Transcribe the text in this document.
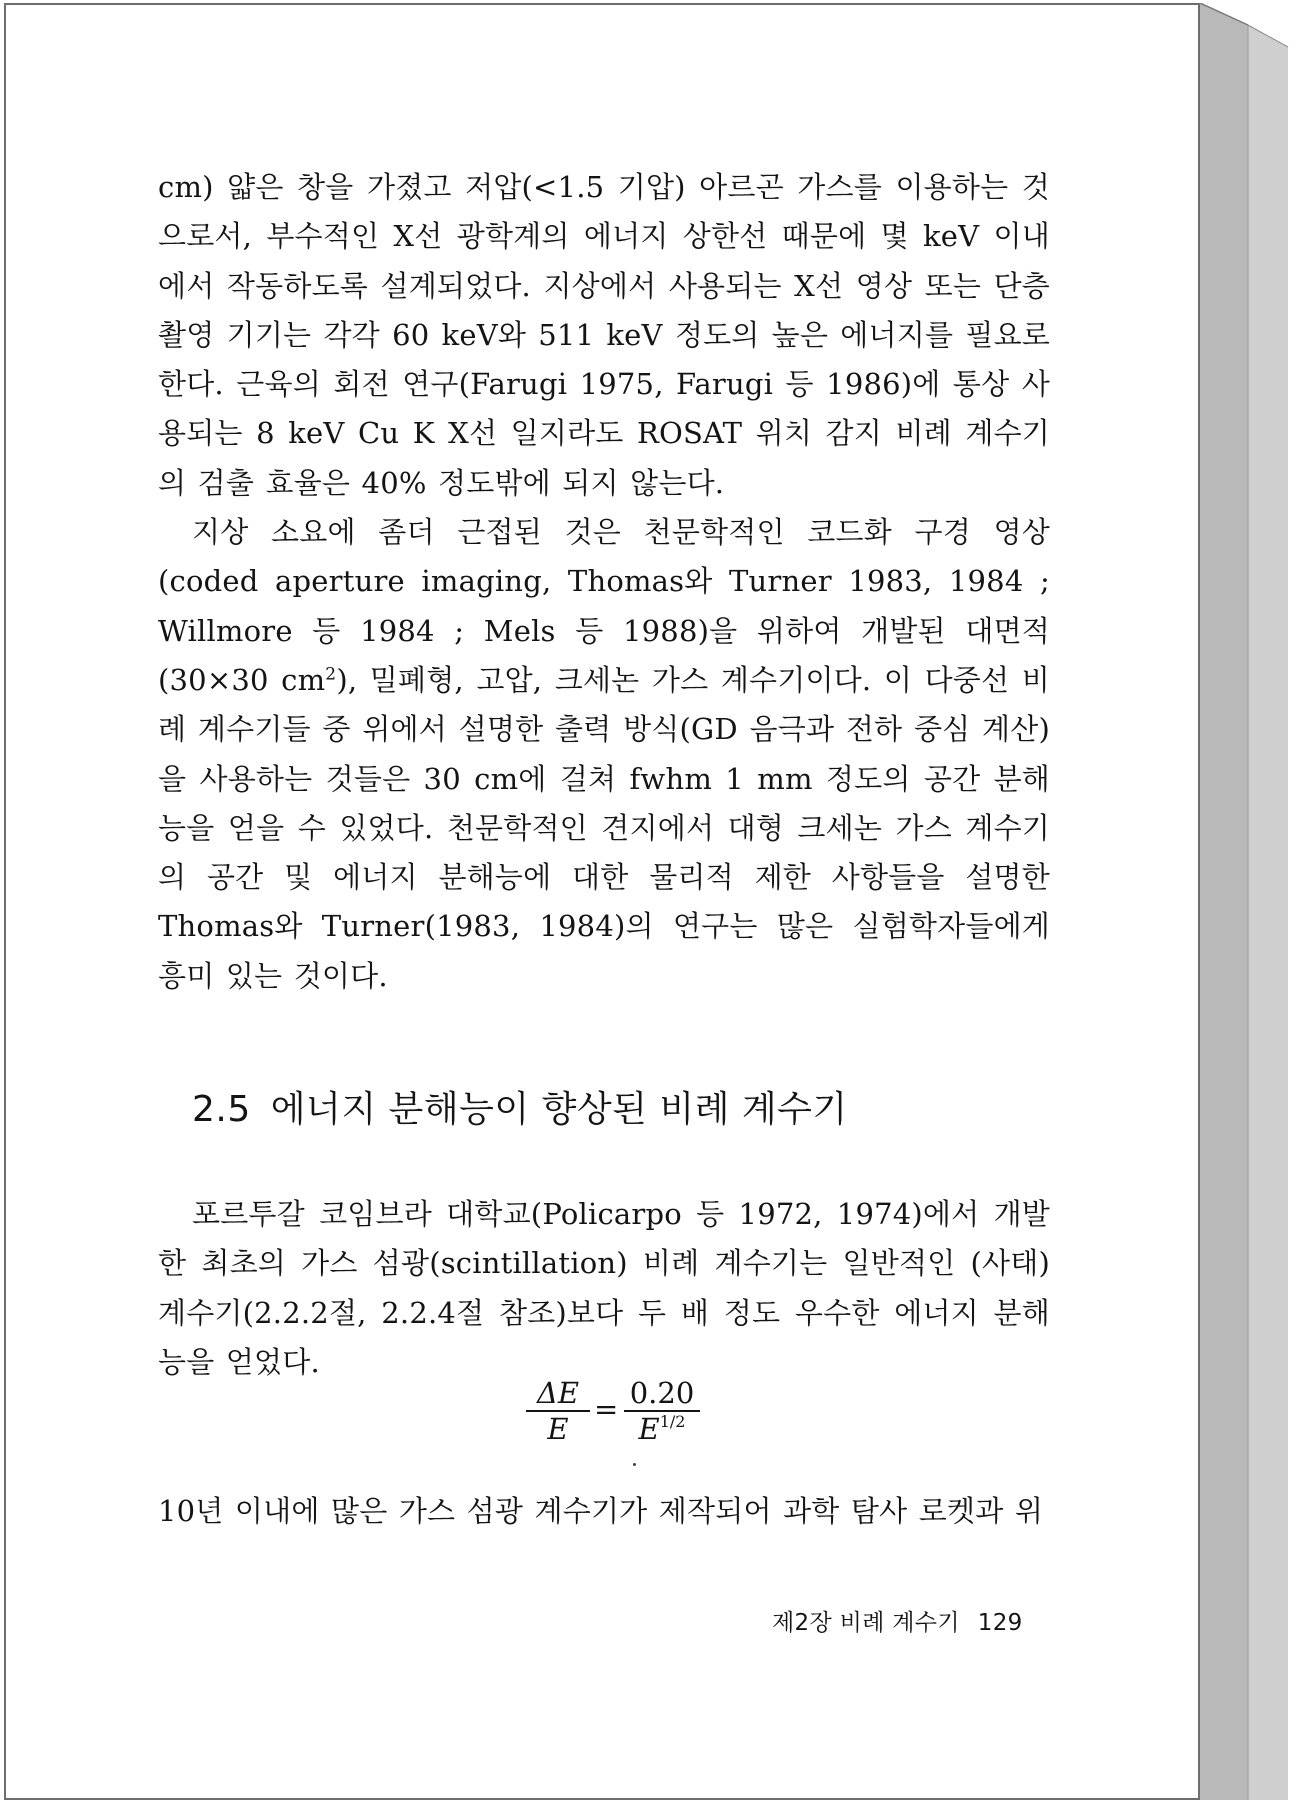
cm) 얇은 창을 가졌고 저압(<1.5 기압) 아르곤 가스를 이용하는 것으로서, 부수적인 X선 광학계의 에너지 상한선 때문에 몇 keV 이내에서 작동하도록 설계되었다. 지상에서 사용되는 X선 영상 또는 단층촬영 기기는 각각 60 keV와 511 keV 정도의 높은 에너지를 필요로 한다. 근육의 회전 연구(Farugi 1975, Farugi 등 1986)에 통상 사용되는 8 keV Cu K X선 일지라도 ROSAT 위치 감지 비례 계수기의 검출 효율은 40% 정도밖에 되지 않는다.

지상 소요에 좀더 근접된 것은 천문학적인 코드화 구경 영상(coded aperture imaging, Thomas와 Turner 1983, 1984 ; Willmore 등 1984 ; Mels 등 1988)을 위하여 개발된 대면적(30×30 $cm^2$), 밀폐형, 고압, 크세논 가스 계수기이다. 이 다중선 비례 계수기들 중 위에서 설명한 출력 방식(GD 음극과 전하 중심 계산)을 사용하는 것들은 30 cm에 걸쳐 fwhm 1 mm 정도의 공간 분해능을 얻을 수 있었다. 천문학적인 견지에서 대형 크세논 가스 계수기의 공간 및 에너지 분해능에 대한 물리적 제한 사항들을 설명한 Thomas와 Turner(1983, 1984)의 연구는 많은 실험학자들에게 흥미 있는 것이다.

2.5 에너지 분해능이 향상된 비례 계수기

포르투갈 코임브라 대학교(Policarpo 등 1972, 1974)에서 개발한 최초의 가스 섬광(scintillation) 비례 계수기는 일반적인 (사태) 계수기(2.2.2절, 2.2.4절 참조)보다 두 배 정도 우수한 에너지 분해능을 얻었다.

ΔE
E
= 0.20
$E^{1/2}$

10년 이내에 많은 가스 섬광 계수기가 제작되어 과학 탐사 로켓과 위

제2장 비례 계수기 129
